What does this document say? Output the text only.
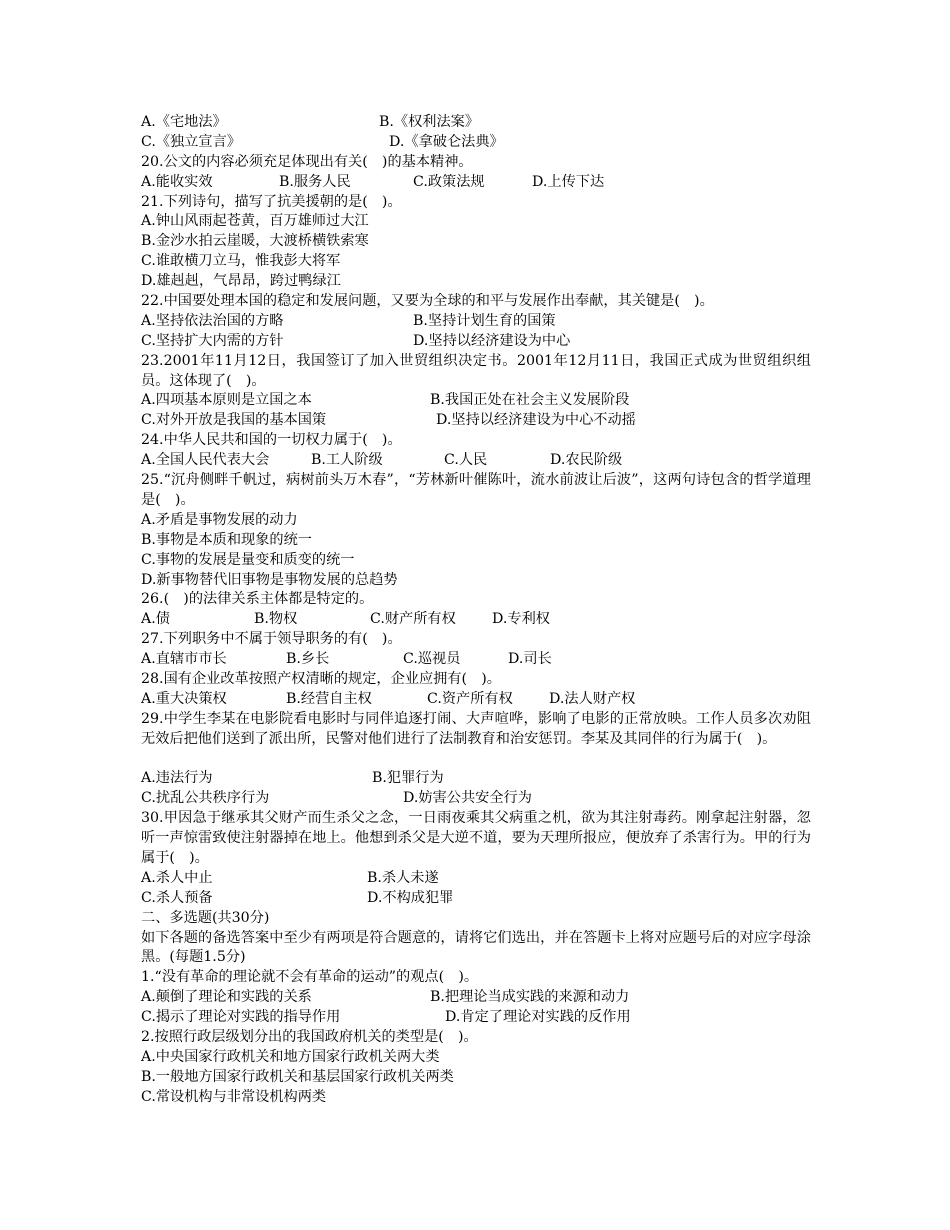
A.《宅地法》	B.《权利法案》
C.《独立宣言》	D.《拿破仑法典》
20.公文的内容必须充足体现出有关(　)的基本精神。
A.能收实效	B.服务人民	C.政策法规	D.上传下达
21.下列诗句，描写了抗美援朝的是(　)。
A.钟山风雨起苍黄，百万雄师过大江
B.金沙水拍云崖暖，大渡桥横铁索寒
C.谁敢横刀立马，惟我彭大将军
D.雄赳赳，气昂昂，跨过鸭绿江
22.中国要处理本国的稳定和发展问题，又要为全球的和平与发展作出奉献，其关键是(　)。
A.坚持依法治国的方略	B.坚持计划生育的国策
C.坚持扩大内需的方针	D.坚持以经济建设为中心
23.2001年11月12日，我国签订了加入世贸组织决定书。2001年12月11日，我国正式成为世贸组织组员。这体现了(　)。
A.四项基本原则是立国之本	B.我国正处在社会主义发展阶段
C.对外开放是我国的基本国策	D.坚持以经济建设为中心不动摇
24.中华人民共和国的一切权力属于(　)。
A.全国人民代表大会	B.工人阶级	C.人民	D.农民阶级
25.“沉舟侧畔千帆过，病树前头万木春”，“芳林新叶催陈叶，流水前波让后波”，这两句诗包含的哲学道理是(　)。
A.矛盾是事物发展的动力
B.事物是本质和现象的统一
C.事物的发展是量变和质变的统一
D.新事物替代旧事物是事物发展的总趋势
26.(　)的法律关系主体都是特定的。
A.债	B.物权	C.财产所有权	D.专利权
27.下列职务中不属于领导职务的有(　)。
A.直辖市市长	B.乡长	C.巡视员	D.司长
28.国有企业改革按照产权清晰的规定，企业应拥有(　)。
A.重大决策权	B.经营自主权	C.资产所有权	D.法人财产权
29.中学生李某在电影院看电影时与同伴追逐打闹、大声喧哗，影响了电影的正常放映。工作人员多次劝阻无效后把他们送到了派出所，民警对他们进行了法制教育和治安惩罚。李某及其同伴的行为属于(　)。
A.违法行为	B.犯罪行为
C.扰乱公共秩序行为	D.妨害公共安全行为
30.甲因急于继承其父财产而生杀父之念，一日雨夜乘其父病重之机，欲为其注射毒药。刚拿起注射器，忽听一声惊雷致使注射器掉在地上。他想到杀父是大逆不道，要为天理所报应，便放弃了杀害行为。甲的行为属于(　)。
A.杀人中止	B.杀人未遂
C.杀人预备	D.不构成犯罪
二、多选题(共30分)
如下各题的备选答案中至少有两项是符合题意的，请将它们选出，并在答题卡上将对应题号后的对应字母涂黑。(每题1.5分)
1.“没有革命的理论就不会有革命的运动”的观点(　)。
A.颠倒了理论和实践的关系	B.把理论当成实践的来源和动力
C.揭示了理论对实践的指导作用	D.肯定了理论对实践的反作用
2.按照行政层级划分出的我国政府机关的类型是(　)。
A.中央国家行政机关和地方国家行政机关两大类
B.一般地方国家行政机关和基层国家行政机关两类
C.常设机构与非常设机构两类
